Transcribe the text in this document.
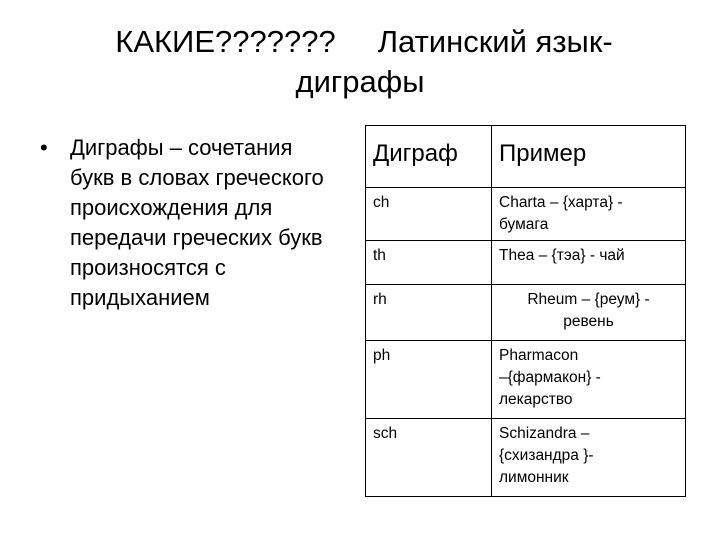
КАКИЕ??????? Латинский язык-
диграфы
• Диграфы – сочетания букв в словах греческого происхождения для передачи греческих букв произносятся с придыханием
Диграф	Пример
ch	Charta – {харта} -
бумага
th	Thea – {тэа} - чай
rh	Rheum – {реум} -
ревень
ph	Pharmacon
–{фармакон} -
лекарство
sch	Schizandra –
{схизандра }-
лимонник
